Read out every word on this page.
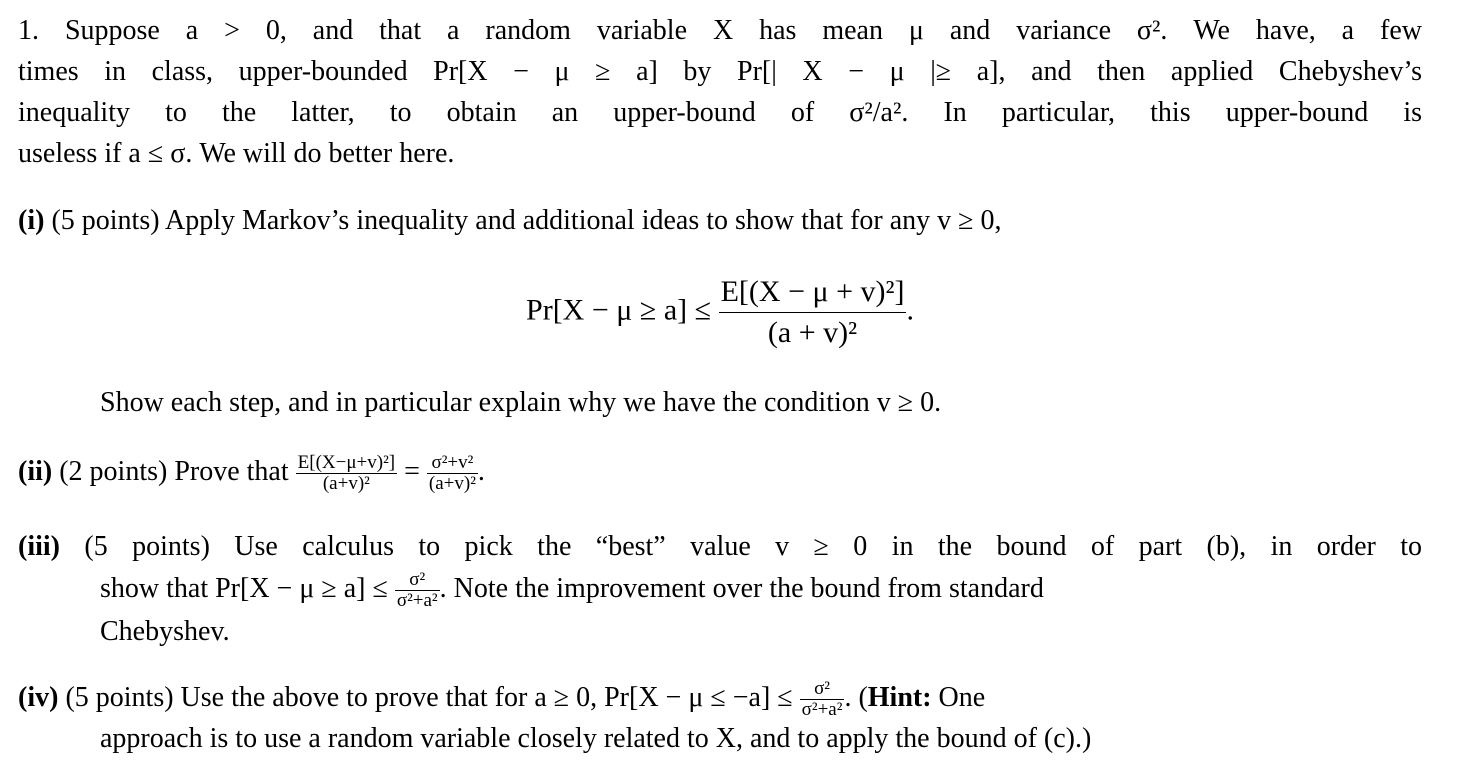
1. Suppose a > 0, and that a random variable X has mean μ and variance σ². We have, a few
times in class, upper-bounded Pr[X − μ ≥ a] by Pr[| X − μ |≥ a], and then applied Chebyshev’s
inequality to the latter, to obtain an upper-bound of σ²/a². In particular, this upper-bound is
useless if a ≤ σ. We will do better here.
(i) (5 points) Apply Markov’s inequality and additional ideas to show that for any v ≥ 0,
$Pr[X - \mu \ge a] \le \frac{\text{E[(X − μ + v)²]}}{\text{(a + v)²}}$ .
Show each step, and in particular explain why we have the condition v ≥ 0.
(ii) (2 points) Prove that $\frac{\text{E[(X−μ+v)²]}}{\text{(a+v)²}} = \frac{\text{σ²+v²}}{\text{(a+v)²}}$ .
(iii) (5 points) Use calculus to pick the “best” value v ≥ 0 in the bound of part (b), in order to
show that $Pr[X - \mu \ge a] \le \frac{\text{σ²}}{\text{σ²+a²}}$ . Note the improvement over the bound from standard
Chebyshev.
(iv) (5 points) Use the above to prove that for a ≥ 0, $Pr[X - \mu \le -a] \le \frac{\text{σ²}}{\text{σ²+a²}}$ . (Hint: One
approach is to use a random variable closely related to X, and to apply the bound of (c).)
